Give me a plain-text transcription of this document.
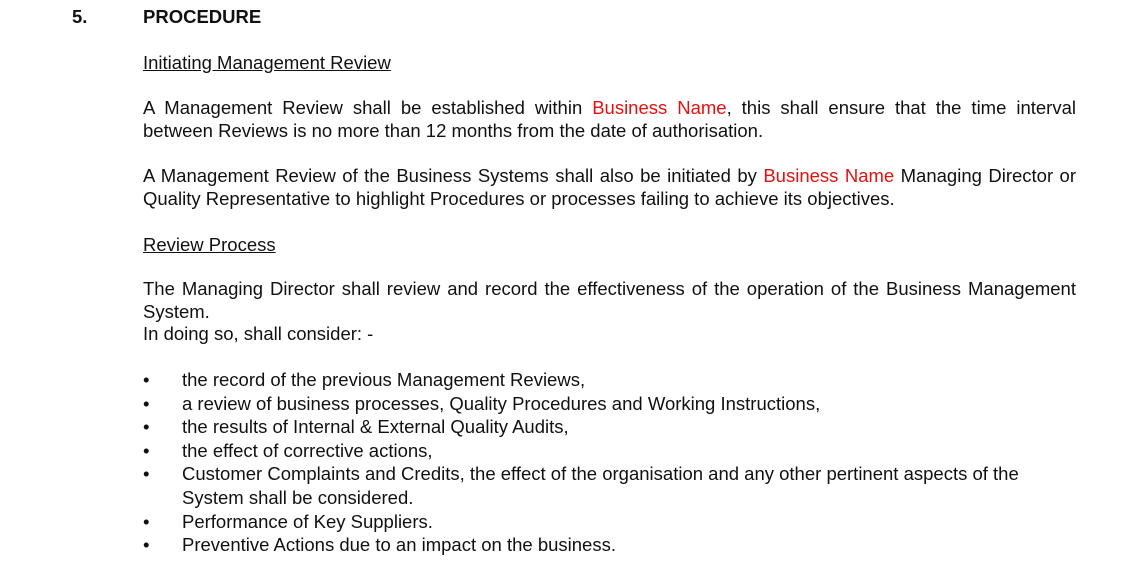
5.	PROCEDURE
Initiating Management Review
A Management Review shall be established within Business Name, this shall ensure that the time interval between Reviews is no more than 12 months from the date of authorisation.
A Management Review of the Business Systems shall also be initiated by Business Name Managing Director or Quality Representative to highlight Procedures or processes failing to achieve its objectives.
Review Process
The Managing Director shall review and record the effectiveness of the operation of the Business Management System.
In doing so, shall consider: -
• the record of the previous Management Reviews,
• a review of business processes, Quality Procedures and Working Instructions,
• the results of Internal & External Quality Audits,
• the effect of corrective actions,
• Customer Complaints and Credits, the effect of the organisation and any other pertinent aspects of the System shall be considered.
• Performance of Key Suppliers.
• Preventive Actions due to an impact on the business.
